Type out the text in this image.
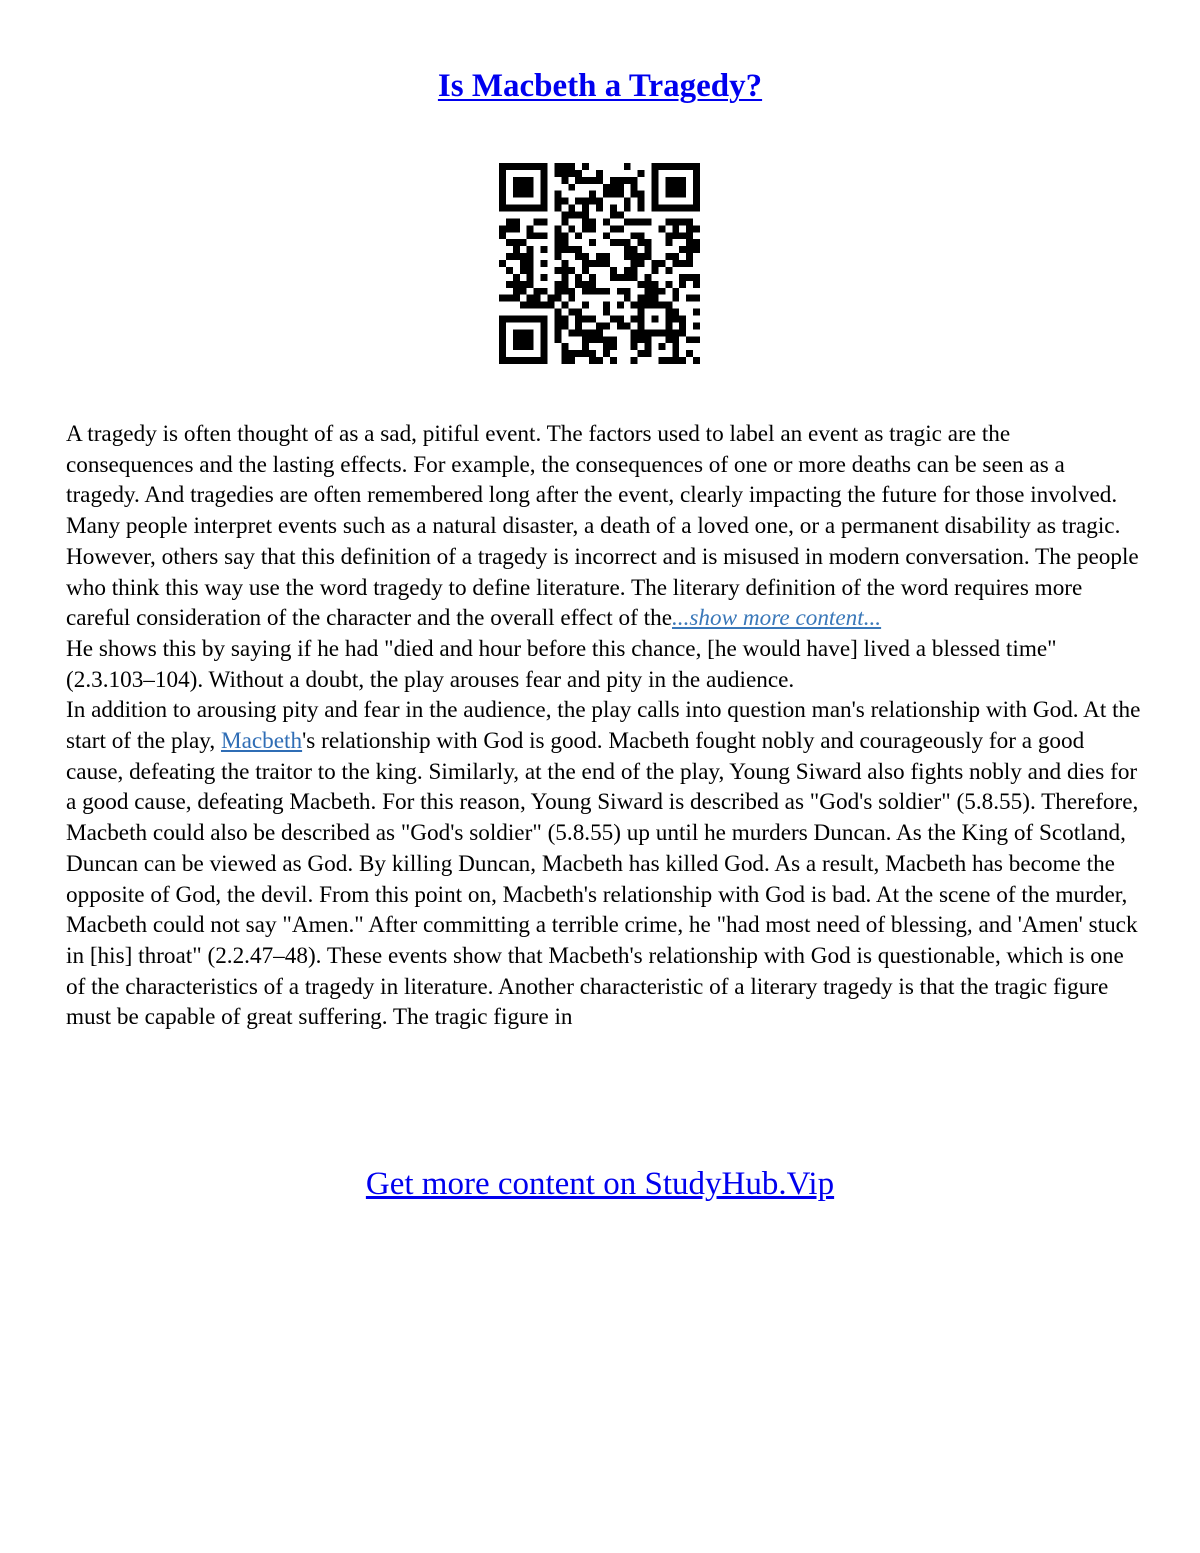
Is Macbeth a Tragedy?

A tragedy is often thought of as a sad, pitiful event. The factors used to label an event as tragic are the consequences and the lasting effects. For example, the consequences of one or more deaths can be seen as a tragedy. And tragedies are often remembered long after the event, clearly impacting the future for those involved. Many people interpret events such as a natural disaster, a death of a loved one, or a permanent disability as tragic. However, others say that this definition of a tragedy is incorrect and is misused in modern conversation. The people who think this way use the word tragedy to define literature. The literary definition of the word requires more careful consideration of the character and the overall effect of the...show more content...

He shows this by saying if he had "died and hour before this chance, [he would have] lived a blessed time" (2.3.103–104). Without a doubt, the play arouses fear and pity in the audience.

In addition to arousing pity and fear in the audience, the play calls into question man's relationship with God. At the start of the play, Macbeth's relationship with God is good. Macbeth fought nobly and courageously for a good cause, defeating the traitor to the king. Similarly, at the end of the play, Young Siward also fights nobly and dies for a good cause, defeating Macbeth. For this reason, Young Siward is described as "God's soldier" (5.8.55). Therefore, Macbeth could also be described as "God's soldier" (5.8.55) up until he murders Duncan. As the King of Scotland, Duncan can be viewed as God. By killing Duncan, Macbeth has killed God. As a result, Macbeth has become the opposite of God, the devil. From this point on, Macbeth's relationship with God is bad. At the scene of the murder, Macbeth could not say "Amen." After committing a terrible crime, he "had most need of blessing, and 'Amen' stuck in [his] throat" (2.2.47–48). These events show that Macbeth's relationship with God is questionable, which is one of the characteristics of a tragedy in literature. Another characteristic of a literary tragedy is that the tragic figure must be capable of great suffering. The tragic figure in

Get more content on StudyHub.Vip
